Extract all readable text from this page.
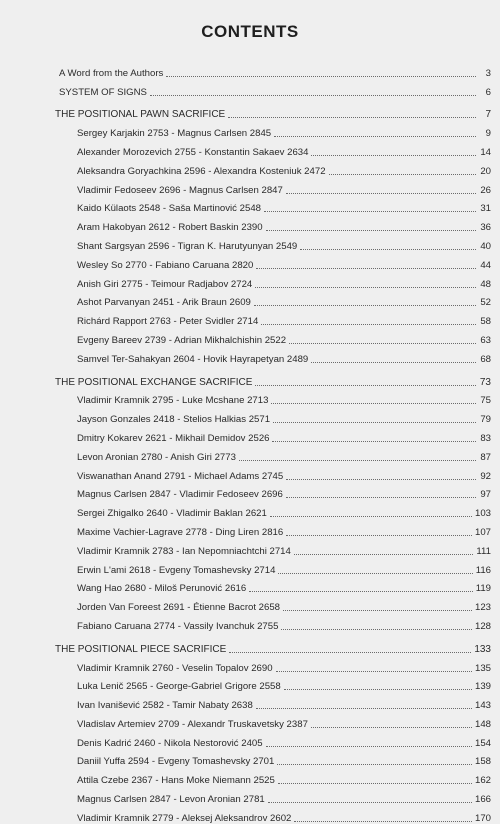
CONTENTS
A Word from the Authors	3
SYSTEM OF SIGNS	6
THE POSITIONAL PAWN SACRIFICE	7
Sergey Karjakin 2753 - Magnus Carlsen 2845	9
Alexander Morozevich 2755 - Konstantin Sakaev 2634	14
Aleksandra Goryachkina 2596 - Alexandra Kosteniuk 2472	20
Vladimir Fedoseev 2696 - Magnus Carlsen 2847	26
Kaido Külaots 2548 - Saša Martinović 2548	31
Aram Hakobyan 2612 - Robert Baskin 2390	36
Shant Sargsyan 2596 - Tigran K. Harutyunyan 2549	40
Wesley So 2770 - Fabiano Caruana 2820	44
Anish Giri 2775 - Teimour Radjabov 2724	48
Ashot Parvanyan 2451 - Arik Braun 2609	52
Richárd Rapport 2763 - Peter Svidler 2714	58
Evgeny Bareev 2739 - Adrian Mikhalchishin 2522	63
Samvel Ter-Sahakyan 2604 - Hovik Hayrapetyan 2489	68
THE POSITIONAL EXCHANGE SACRIFICE	73
Vladimir Kramnik 2795 - Luke Mcshane 2713	75
Jayson Gonzales 2418 - Stelios Halkias 2571	79
Dmitry Kokarev 2621 - Mikhail Demidov 2526	83
Levon Aronian 2780 - Anish Giri 2773	87
Viswanathan Anand 2791 - Michael Adams 2745	92
Magnus Carlsen 2847 - Vladimir Fedoseev 2696	97
Sergei Zhigalko 2640 - Vladimir Baklan 2621	103
Maxime Vachier-Lagrave 2778 - Ding Liren 2816	107
Vladimir Kramnik 2783 - Ian Nepomniachtchi 2714	111
Erwin L'ami 2618 - Evgeny Tomashevsky 2714	116
Wang Hao 2680 - Miloš Perunović 2616	119
Jorden Van Foreest 2691 - Étienne Bacrot 2658	123
Fabiano Caruana 2774 - Vassily Ivanchuk 2755	128
THE POSITIONAL PIECE SACRIFICE	133
Vladimir Kramnik 2760 - Veselin Topalov 2690	135
Luka Lenič 2565 - George-Gabriel Grigore 2558	139
Ivan Ivanišević 2582 - Tamir Nabaty 2638	143
Vladislav Artemiev 2709 - Alexandr Truskavetsky 2387	148
Denis Kadrić 2460 - Nikola Nestorović 2405	154
Daniil Yuffa 2594 - Evgeny Tomashevsky 2701	158
Attila Czebe 2367 - Hans Moke Niemann 2525	162
Magnus Carlsen 2847 - Levon Aronian 2781	166
Vladimir Kramnik 2779 - Aleksej Aleksandrov 2602	170
